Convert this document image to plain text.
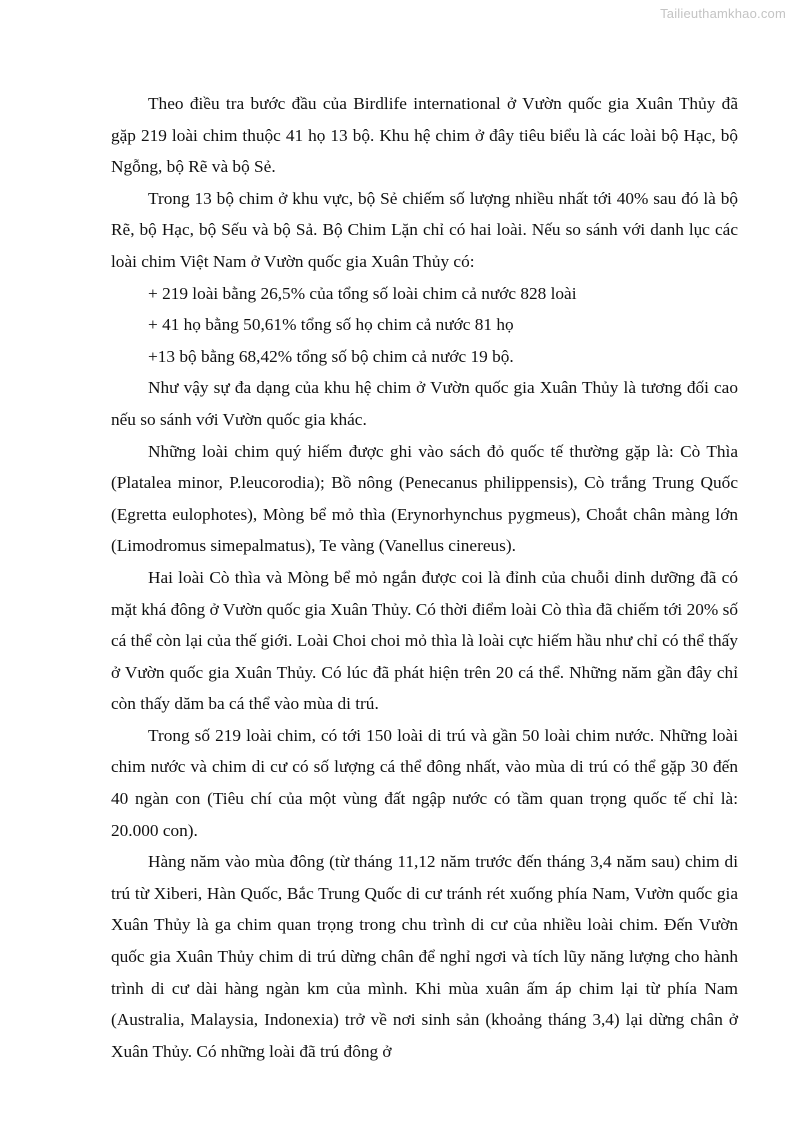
Tailieuthamkhao.com

Theo điều tra bước đầu của Birdlife international ở Vườn quốc gia Xuân Thủy đã gặp 219 loài chim thuộc 41 họ 13 bộ. Khu hệ chim ở đây tiêu biểu là các loài bộ Hạc, bộ Ngỗng, bộ Rẽ và bộ Sẻ.

Trong 13 bộ chim ở khu vực, bộ Sẻ chiếm số lượng nhiều nhất tới 40% sau đó là bộ Rẽ, bộ Hạc, bộ Sếu và bộ Sả. Bộ Chim Lặn chỉ có hai loài. Nếu so sánh với danh lục các loài chim Việt Nam ở Vườn quốc gia Xuân Thủy có:

+ 219 loài bằng 26,5% của tổng số loài chim cả nước 828 loài

+ 41 họ bằng 50,61% tổng số họ chim cả nước 81 họ

+13 bộ bằng 68,42% tổng số bộ chim cả nước 19 bộ.

Như vậy sự đa dạng của khu hệ chim ở Vườn quốc gia Xuân Thủy là tương đối cao nếu so sánh với Vườn quốc gia khác.

Những loài chim quý hiếm được ghi vào sách đỏ quốc tế thường gặp là: Cò Thìa (Platalea minor, P.leucorodia); Bồ nông (Penecanus philippensis), Cò trắng Trung Quốc (Egretta eulophotes), Mòng bể mỏ thìa (Erynorhynchus pygmeus), Choắt chân màng lớn (Limodromus simepalmatus), Te vàng (Vanellus cinereus).

Hai loài Cò thìa và Mòng bể mỏ ngắn được coi là đỉnh của chuỗi dinh dưỡng đã có mặt khá đông ở Vườn quốc gia Xuân Thủy. Có thời điểm loài Cò thìa đã chiếm tới 20% số cá thể còn lại của thế giới. Loài Choi choi mỏ thìa là loài cực hiếm hầu như chỉ có thể thấy ở Vườn quốc gia Xuân Thủy. Có lúc đã phát hiện trên 20 cá thể. Những năm gần đây chỉ còn thấy dăm ba cá thể vào mùa di trú.

Trong số 219 loài chim, có tới 150 loài di trú và gần 50 loài chim nước. Những loài chim nước và chim di cư có số lượng cá thể đông nhất, vào mùa di trú có thể gặp 30 đến 40 ngàn con (Tiêu chí của một vùng đất ngập nước có tầm quan trọng quốc tế chỉ là: 20.000 con).

Hàng năm vào mùa đông (từ tháng 11,12 năm trước đến tháng 3,4 năm sau) chim di trú từ Xiberi, Hàn Quốc, Bắc Trung Quốc di cư tránh rét xuống phía Nam, Vườn quốc gia Xuân Thủy là ga chim quan trọng trong chu trình di cư của nhiều loài chim. Đến Vườn quốc gia Xuân Thủy chim di trú dừng chân để nghỉ ngơi và tích lũy năng lượng cho hành trình di cư dài hàng ngàn km của mình. Khi mùa xuân ấm áp chim lại từ phía Nam (Australia, Malaysia, Indonexia) trở về nơi sinh sản (khoảng tháng 3,4) lại dừng chân ở Xuân Thủy. Có những loài đã trú đông ở
